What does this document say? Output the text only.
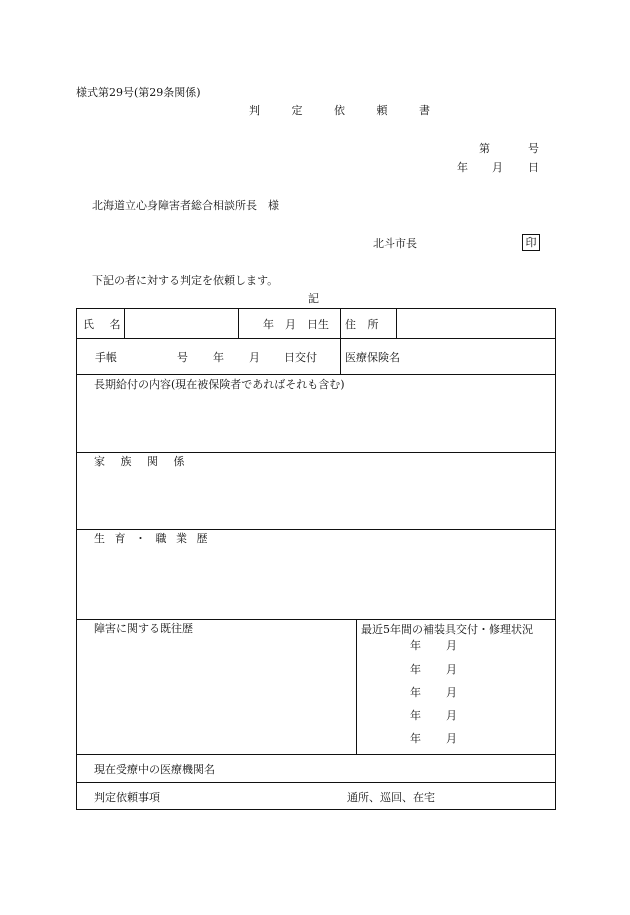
様式第29号(第29条関係)
判 定 依 頼 書
第	号
年 月 日
北海道立心身障害者総合相談所長　様
北斗市長	印
下記の者に対する判定を依頼します。
記
氏 名	年　月　日生 住 所
手帳	号 年 月 日交付	医療保険名
長期給付の内容(現在被保険者であればそれも含む)
家 族 関 係
生 育 ・ 職 業 歴
障害に関する既往歴	最近5年間の補装具交付・修理状況
年 月
年 月
年 月
年 月
年 月
現在受療中の医療機関名
判定依頼事項	通所、巡回、在宅
